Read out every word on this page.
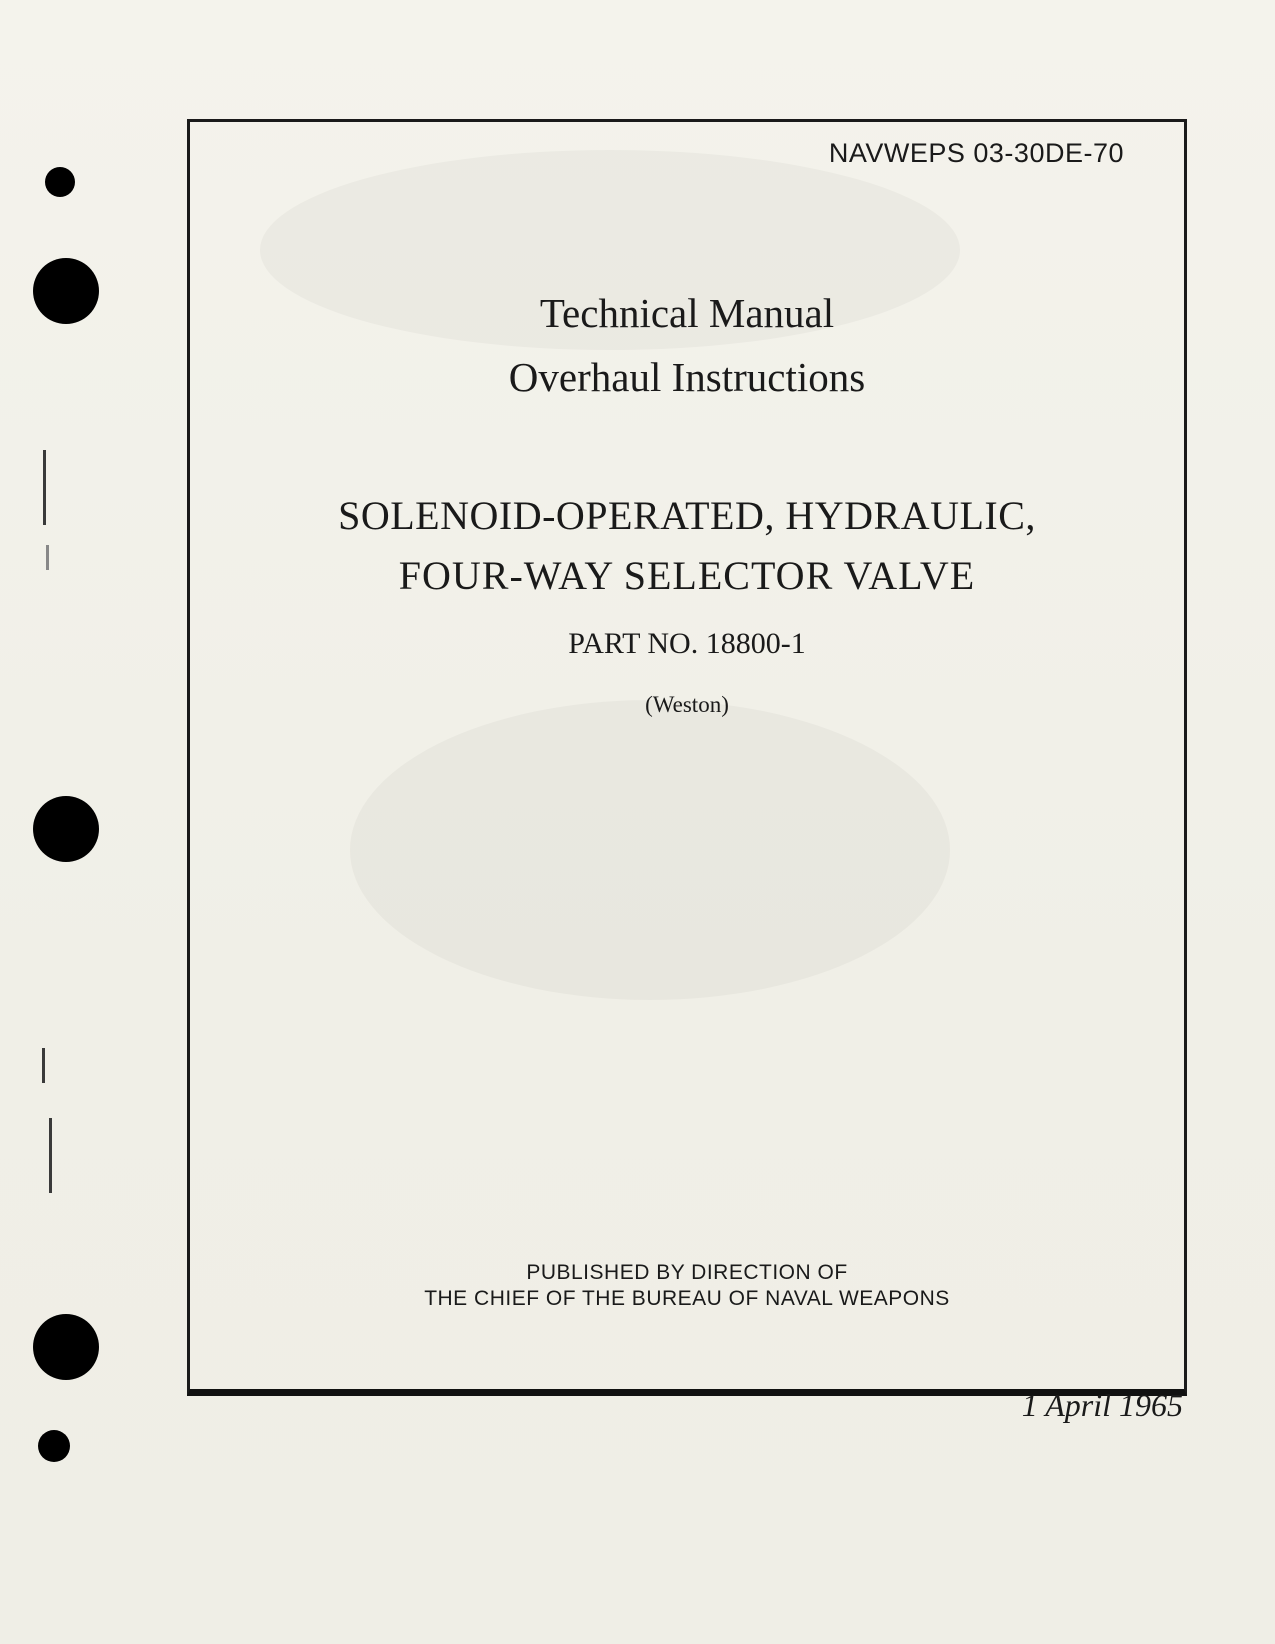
NAVWEPS 03-30DE-70
Technical Manual
Overhaul Instructions
SOLENOID-OPERATED, HYDRAULIC,
FOUR-WAY SELECTOR VALVE
PART NO. 18800-1
(Weston)
PUBLISHED BY DIRECTION OF
THE CHIEF OF THE BUREAU OF NAVAL WEAPONS
1 April 1965
